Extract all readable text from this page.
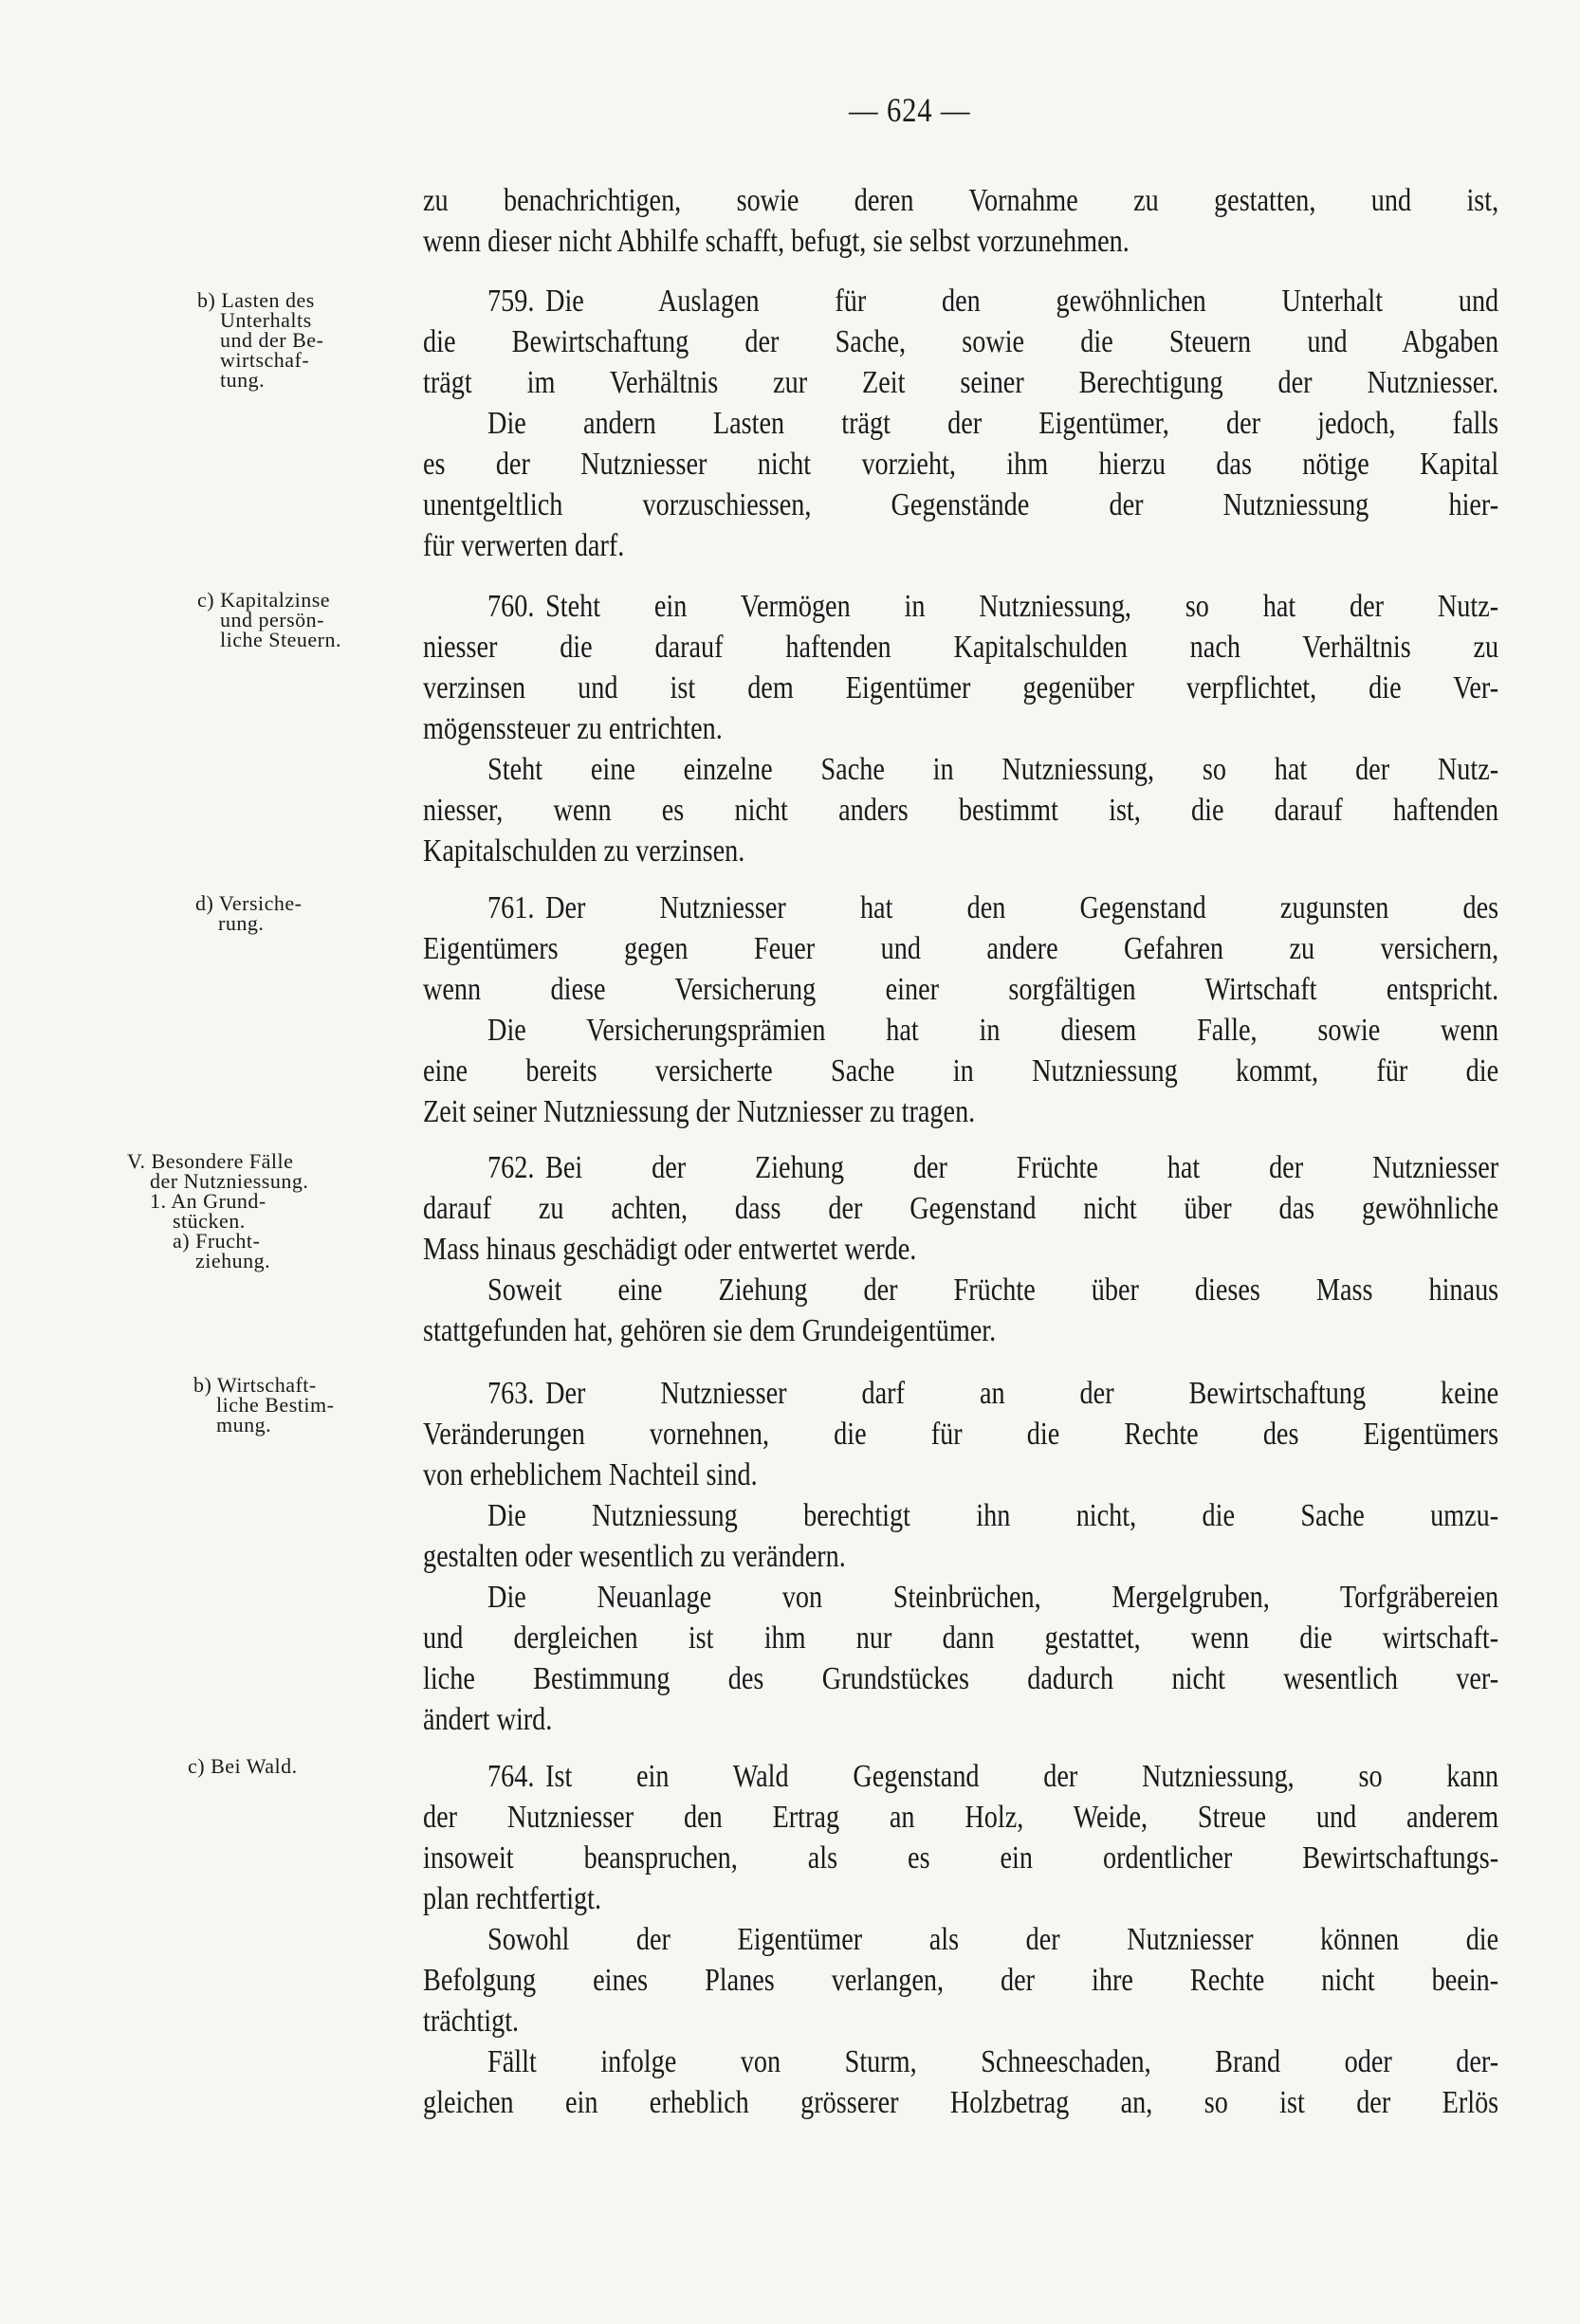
— 624 —
b) Lasten des
Unterhalts
und der Be-
wirtschaf-
tung.
c) Kapitalzinse
und persön-
liche Steuern.
d) Versiche-
rung.
V. Besondere Fälle
der Nutzniessung.
1. An Grund-
stücken.
a) Frucht-
ziehung.
b) Wirtschaft-
liche Bestim-
mung.
c) Bei Wald.
zu benachrichtigen, sowie deren Vornahme zu gestatten, und ist,
wenn dieser nicht Abhilfe schafft, befugt, sie selbst vorzunehmen.
759. Die Auslagen für den gewöhnlichen Unterhalt und
die Bewirtschaftung der Sache, sowie die Steuern und Abgaben
trägt im Verhältnis zur Zeit seiner Berechtigung der Nutzniesser.
Die andern Lasten trägt der Eigentümer, der jedoch, falls
es der Nutzniesser nicht vorzieht, ihm hierzu das nötige Kapital
unentgeltlich vorzuschiessen, Gegenstände der Nutzniessung hier-
für verwerten darf.
760. Steht ein Vermögen in Nutzniessung, so hat der Nutz-
niesser die darauf haftenden Kapitalschulden nach Verhältnis zu
verzinsen und ist dem Eigentümer gegenüber verpflichtet, die Ver-
mögenssteuer zu entrichten.
Steht eine einzelne Sache in Nutzniessung, so hat der Nutz-
niesser, wenn es nicht anders bestimmt ist, die darauf haftenden
Kapitalschulden zu verzinsen.
761. Der Nutzniesser hat den Gegenstand zugunsten des
Eigentümers gegen Feuer und andere Gefahren zu versichern,
wenn diese Versicherung einer sorgfältigen Wirtschaft entspricht.
Die Versicherungsprämien hat in diesem Falle, sowie wenn
eine bereits versicherte Sache in Nutzniessung kommt, für die
Zeit seiner Nutzniessung der Nutzniesser zu tragen.
762. Bei der Ziehung der Früchte hat der Nutzniesser
darauf zu achten, dass der Gegenstand nicht über das gewöhnliche
Mass hinaus geschädigt oder entwertet werde.
Soweit eine Ziehung der Früchte über dieses Mass hinaus
stattgefunden hat, gehören sie dem Grundeigentümer.
763. Der Nutzniesser darf an der Bewirtschaftung keine
Veränderungen vornehnen, die für die Rechte des Eigentümers
von erheblichem Nachteil sind.
Die Nutzniessung berechtigt ihn nicht, die Sache umzu-
gestalten oder wesentlich zu verändern.
Die Neuanlage von Steinbrüchen, Mergelgruben, Torfgräbereien
und dergleichen ist ihm nur dann gestattet, wenn die wirtschaft-
liche Bestimmung des Grundstückes dadurch nicht wesentlich ver-
ändert wird.
764. Ist ein Wald Gegenstand der Nutzniessung, so kann
der Nutzniesser den Ertrag an Holz, Weide, Streue und anderem
insoweit beanspruchen, als es ein ordentlicher Bewirtschaftungs-
plan rechtfertigt.
Sowohl der Eigentümer als der Nutzniesser können die
Befolgung eines Planes verlangen, der ihre Rechte nicht beein-
trächtigt.
Fällt infolge von Sturm, Schneeschaden, Brand oder der-
gleichen ein erheblich grösserer Holzbetrag an, so ist der Erlös
